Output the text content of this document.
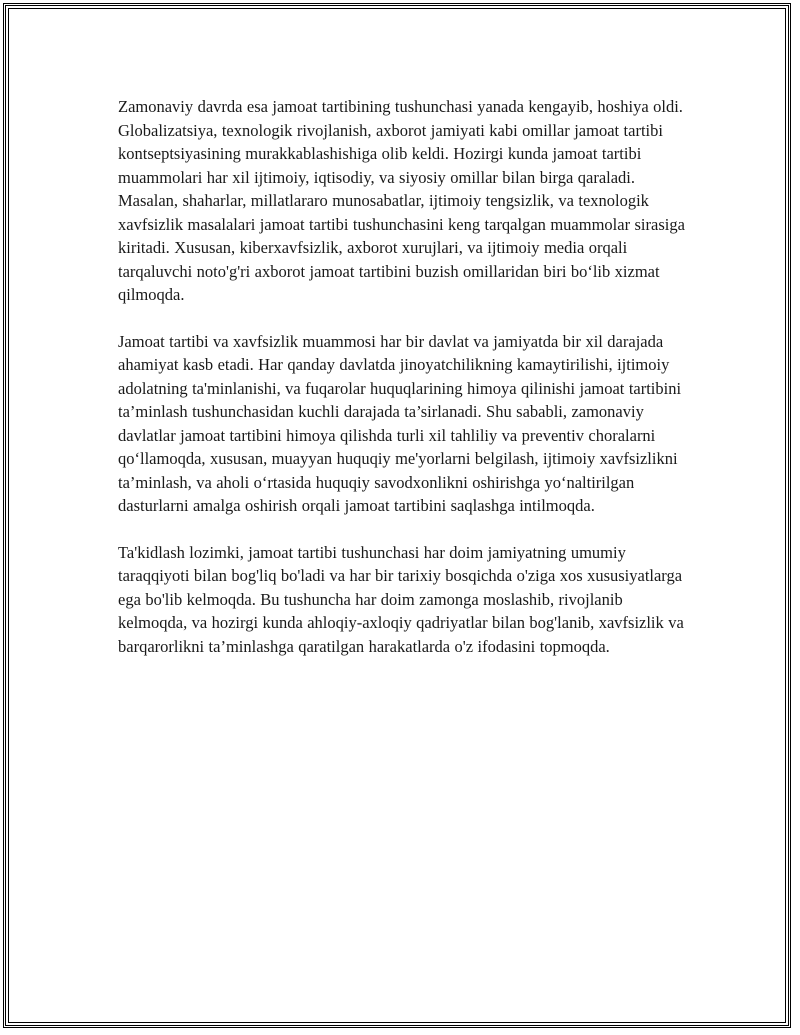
Zamonaviy davrda esa jamoat tartibining tushunchasi yanada kengayib, hoshiya oldi. Globalizatsiya, texnologik rivojlanish, axborot jamiyati kabi omillar jamoat tartibi kontseptsiyasining murakkablashishiga olib keldi. Hozirgi kunda jamoat tartibi muammolari har xil ijtimoiy, iqtisodiy, va siyosiy omillar bilan birga qaraladi. Masalan, shaharlar, millatlararo munosabatlar, ijtimoiy tengsizlik, va texnologik xavfsizlik masalalari jamoat tartibi tushunchasini keng tarqalgan muammolar sirasiga kiritadi. Xususan, kiberxavfsizlik, axborot xurujlari, va ijtimoiy media orqali tarqaluvchi noto'g'ri axborot jamoat tartibini buzish omillaridan biri bo‘lib xizmat qilmoqda.

Jamoat tartibi va xavfsizlik muammosi har bir davlat va jamiyatda bir xil darajada ahamiyat kasb etadi. Har qanday davlatda jinoyatchilikning kamaytirilishi, ijtimoiy adolatning ta'minlanishi, va fuqarolar huquqlarining himoya qilinishi jamoat tartibini ta’minlash tushunchasidan kuchli darajada ta’sirlanadi. Shu sababli, zamonaviy davlatlar jamoat tartibini himoya qilishda turli xil tahliliy va preventiv choralarni qo‘llamoqda, xususan, muayyan huquqiy me'yorlarni belgilash, ijtimoiy xavfsizlikni ta’minlash, va aholi o‘rtasida huquqiy savodxonlikni oshirishga yo‘naltirilgan dasturlarni amalga oshirish orqali jamoat tartibini saqlashga intilmoqda.

Ta'kidlash lozimki, jamoat tartibi tushunchasi har doim jamiyatning umumiy taraqqiyoti bilan bog'liq bo'ladi va har bir tarixiy bosqichda o'ziga xos xususiyatlarga ega bo'lib kelmoqda. Bu tushuncha har doim zamonga moslashib, rivojlanib kelmoqda, va hozirgi kunda ahloqiy-axloqiy qadriyatlar bilan bog'lanib, xavfsizlik va barqarorlikni ta’minlashga qaratilgan harakatlarda o'z ifodasini topmoqda.
